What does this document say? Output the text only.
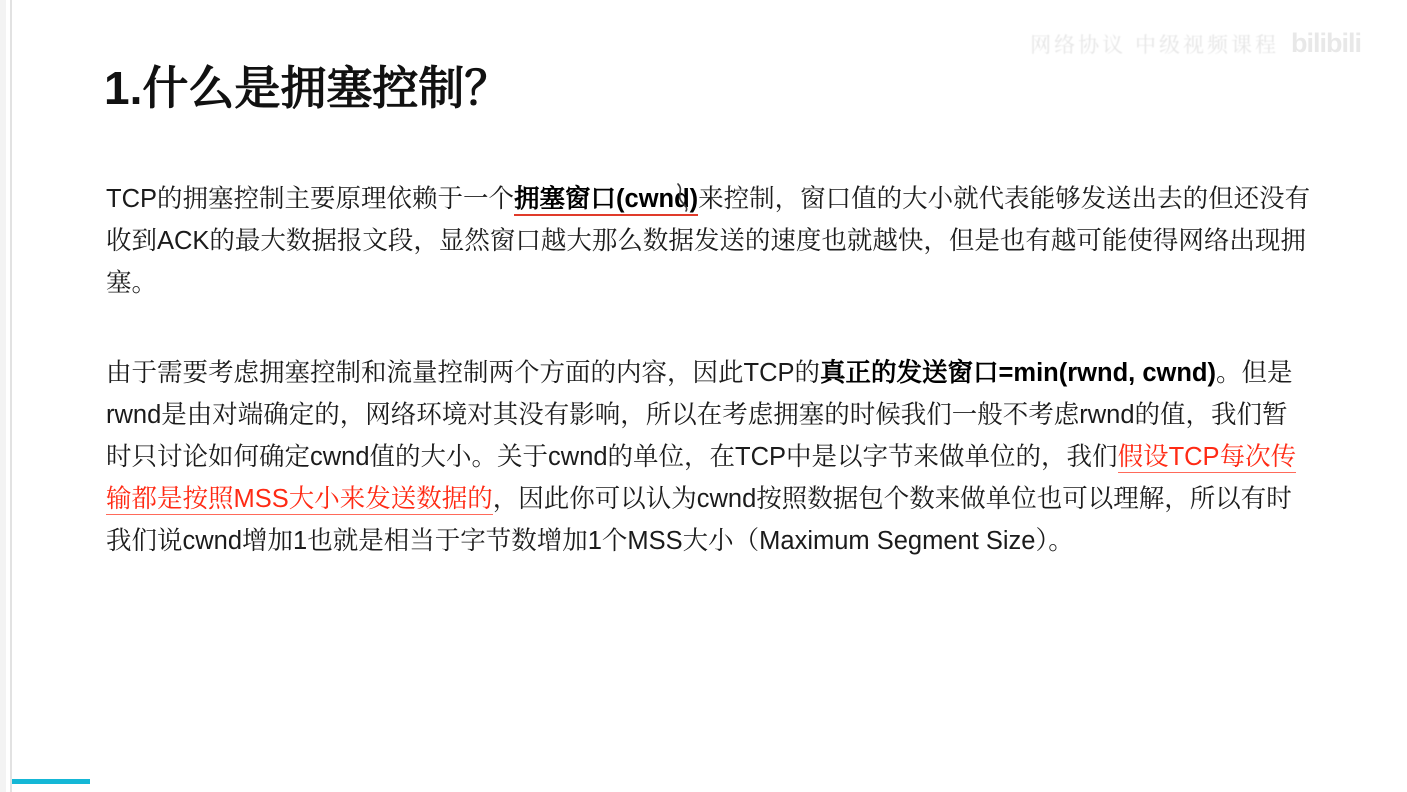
网络协议 中级视频课程 bilibili
1.什么是拥塞控制？
TCP的拥塞控制主要原理依赖于一个拥塞窗口(cwnd)来控制，窗口值的大小就代表能够发送出去的但还没有收到ACK的最大数据报文段，显然窗口越大那么数据发送的速度也就越快，但是也有越可能使得网络出现拥塞。
由于需要考虑拥塞控制和流量控制两个方面的内容，因此TCP的真正的发送窗口=min(rwnd, cwnd)。但是rwnd是由对端确定的，网络环境对其没有影响，所以在考虑拥塞的时候我们一般不考虑rwnd的值，我们暂时只讨论如何确定cwnd值的大小。关于cwnd的单位，在TCP中是以字节来做单位的，我们假设TCP每次传输都是按照MSS大小来发送数据的，因此你可以认为cwnd按照数据包个数来做单位也可以理解，所以有时我们说cwnd增加1也就是相当于字节数增加1个MSS大小（Maximum Segment Size）。
